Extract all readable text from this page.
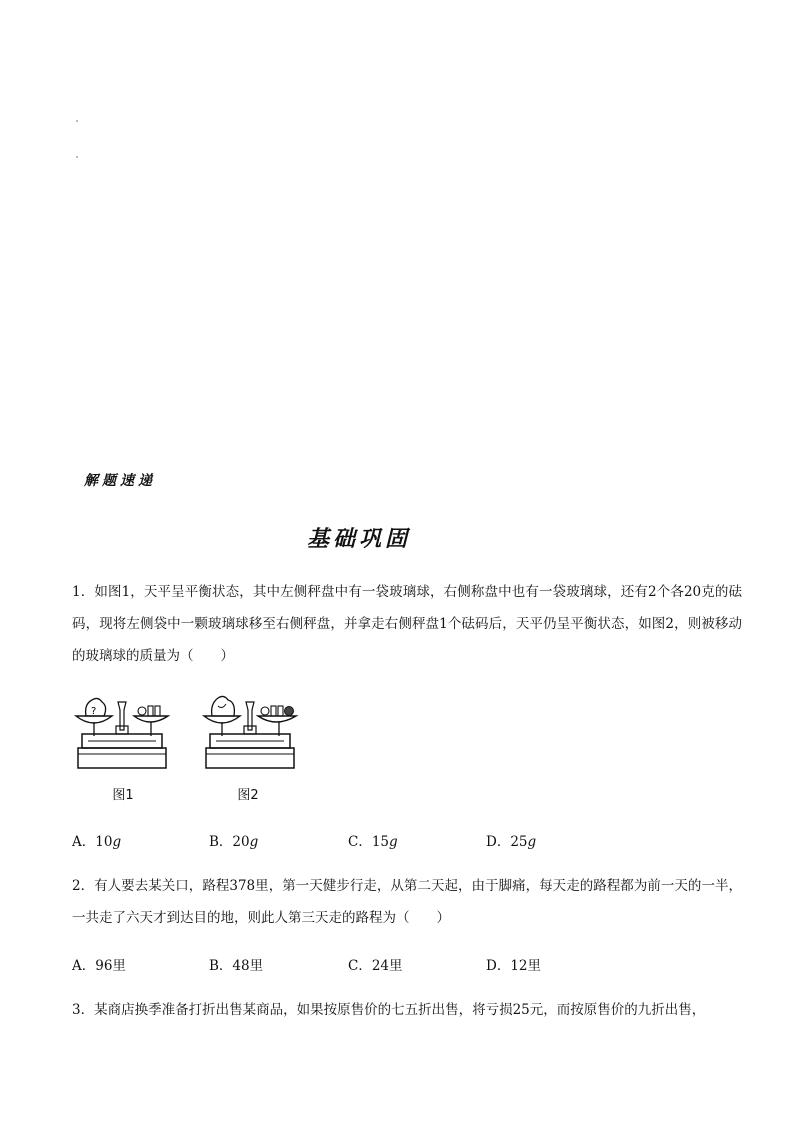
解题速递
基础巩固
1．如图1，天平呈平衡状态，其中左侧秤盘中有一袋玻璃球，右侧称盘中也有一袋玻璃球，还有2个各20克的砝码，现将左侧袋中一颗玻璃球移至右侧秤盘，并拿走右侧秤盘1个砝码后，天平仍呈平衡状态，如图2，则被移动的玻璃球的质量为（　　）
?
图1	图2
A．10g	B．20g	C．15g	D．25g
2．有人要去某关口，路程378里，第一天健步行走，从第二天起，由于脚痛，每天走的路程都为前一天的一半，一共走了六天才到达目的地，则此人第三天走的路程为（　　）
A．96里	B．48里	C．24里	D．12里
3．某商店换季准备打折出售某商品，如果按原售价的七五折出售，将亏损25元，而按原售价的九折出售，
